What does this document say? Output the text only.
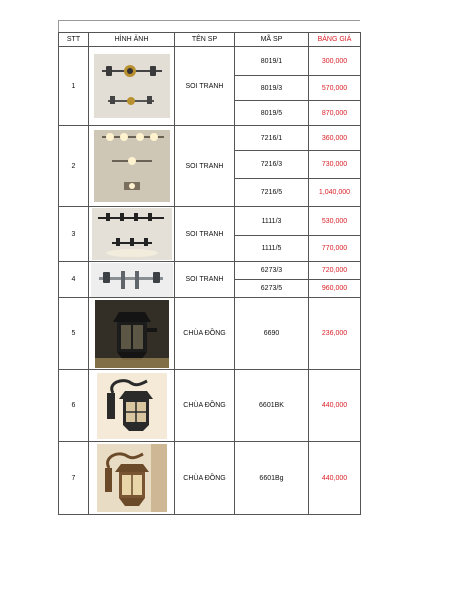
STT	HÌNH ẢNH	TÊN SP	MÃ SP	BẢNG GIÁ
1		SOI TRANH	8019/1	300,000
			8019/3	570,000
			8019/5	870,000
2		SOI TRANH	7216/1	360,000
			7216/3	730,000
			7216/5	1,040,000
3		SOI TRANH	1111/3	530,000
			1111/5	770,000
4		SOI TRANH	6273/3	720,000
			6273/5	960,000
5		CHÙA ĐỒNG	6690	236,000
6		CHÙA ĐỒNG	6601BK	440,000
7		CHÙA ĐỒNG	6601Bg	440,000
